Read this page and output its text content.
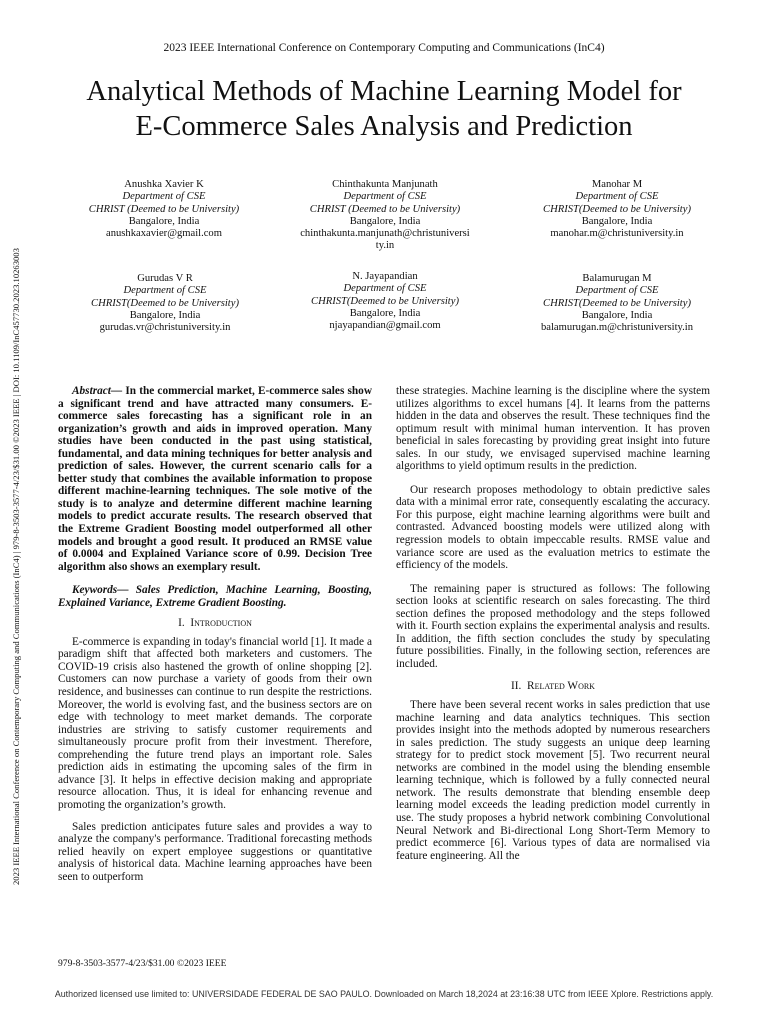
2023 IEEE International Conference on Contemporary Computing and Communications (InC4) | 979-8-3503-3577-4/23/$31.00 ©2023 IEEE | DOI: 10.1109/InC457730.2023.10263003
2023 IEEE International Conference on Contemporary Computing and Communications (InC4)
Analytical Methods of Machine Learning Model for
E-Commerce Sales Analysis and Prediction
Anushka Xavier K
Department of CSE
CHRIST (Deemed to be University)
Bangalore, India
anushkaxavier@gmail.com
Chinthakunta Manjunath
Department of CSE
CHRIST (Deemed to be University)
Bangalore, India
chinthakunta.manjunath@christuniversi
ty.in
Manohar M
Department of CSE
CHRIST(Deemed to be University)
Bangalore, India
manohar.m@christuniversity.in
Gurudas V R
Department of CSE
CHRIST(Deemed to be University)
Bangalore, India
gurudas.vr@christuniversity.in
N. Jayapandian
Department of CSE
CHRIST(Deemed to be University)
Bangalore, India
njayapandian@gmail.com
Balamurugan M
Department of CSE
CHRIST(Deemed to be University)
Bangalore, India
balamurugan.m@christuniversity.in

Abstract— In the commercial market, E-commerce sales show a significant trend and have attracted many consumers. E-commerce sales forecasting has a significant role in an organization’s growth and aids in improved operation. Many studies have been conducted in the past using statistical, fundamental, and data mining techniques for better analysis and prediction of sales. However, the current scenario calls for a better study that combines the available information to propose different machine-learning techniques. The sole motive of the study is to analyze and determine different machine learning models to predict accurate results. The research observed that the Extreme Gradient Boosting model outperformed all other models and brought a good result. It produced an RMSE value of 0.0004 and Explained Variance score of 0.99. Decision Tree algorithm also shows an exemplary result.

Keywords— Sales Prediction, Machine Learning, Boosting, Explained Variance, Extreme Gradient Boosting.

I. Introduction

E-commerce is expanding in today's financial world [1]. It made a paradigm shift that affected both marketers and customers. The COVID-19 crisis also hastened the growth of online shopping [2]. Customers can now purchase a variety of goods from their own residence, and businesses can continue to run despite the restrictions. Moreover, the world is evolving fast, and the business sectors are on edge with technology to meet market demands. The corporate industries are striving to satisfy customer requirements and simultaneously procure profit from their investment. Therefore, comprehending the future trend plays an important role. Sales prediction aids in estimating the upcoming sales of the firm in advance [3]. It helps in effective decision making and appropriate resource allocation. Thus, it is ideal for enhancing revenue and promoting the organization’s growth.

Sales prediction anticipates future sales and provides a way to analyze the company's performance. Traditional forecasting methods relied heavily on expert employee suggestions or quantitative analysis of historical data. Machine learning approaches have been seen to outperform

these strategies. Machine learning is the discipline where the system utilizes algorithms to excel humans [4]. It learns from the patterns hidden in the data and observes the result. These techniques find the optimum result with minimal human intervention. It has proven beneficial in sales forecasting by providing great insight into future sales. In our study, we envisaged supervised machine learning algorithms to yield optimum results in the prediction.

Our research proposes methodology to obtain predictive sales data with a minimal error rate, consequently escalating the accuracy. For this purpose, eight machine learning algorithms were built and contrasted. Advanced boosting models were utilized along with regression models to obtain impeccable results. RMSE value and variance score are used as the evaluation metrics to estimate the efficiency of the models.

The remaining paper is structured as follows: The following section looks at scientific research on sales forecasting. The third section defines the proposed methodology and the steps followed with it. Fourth section explains the experimental analysis and results. In addition, the fifth section concludes the study by speculating future possibilities. Finally, in the following section, references are included.

II. Related Work

There have been several recent works in sales prediction that use machine learning and data analytics techniques. This section provides insight into the methods adopted by numerous researchers in sales prediction. The study suggests an unique deep learning strategy for to predict stock movement [5]. Two recurrent neural networks are combined in the model using the blending ensemble learning technique, which is followed by a fully connected neural network. The results demonstrate that blending ensemble deep learning model exceeds the leading prediction model currently in use. The study proposes a hybrid network combining Convolutional Neural Network and Bi-directional Long Short-Term Memory to predict ecommerce [6]. Various types of data are normalised via feature engineering. All the

979-8-3503-3577-4/23/$31.00 ©2023 IEEE
Authorized licensed use limited to: UNIVERSIDADE FEDERAL DE SAO PAULO. Downloaded on March 18,2024 at 23:16:38 UTC from IEEE Xplore. Restrictions apply.
